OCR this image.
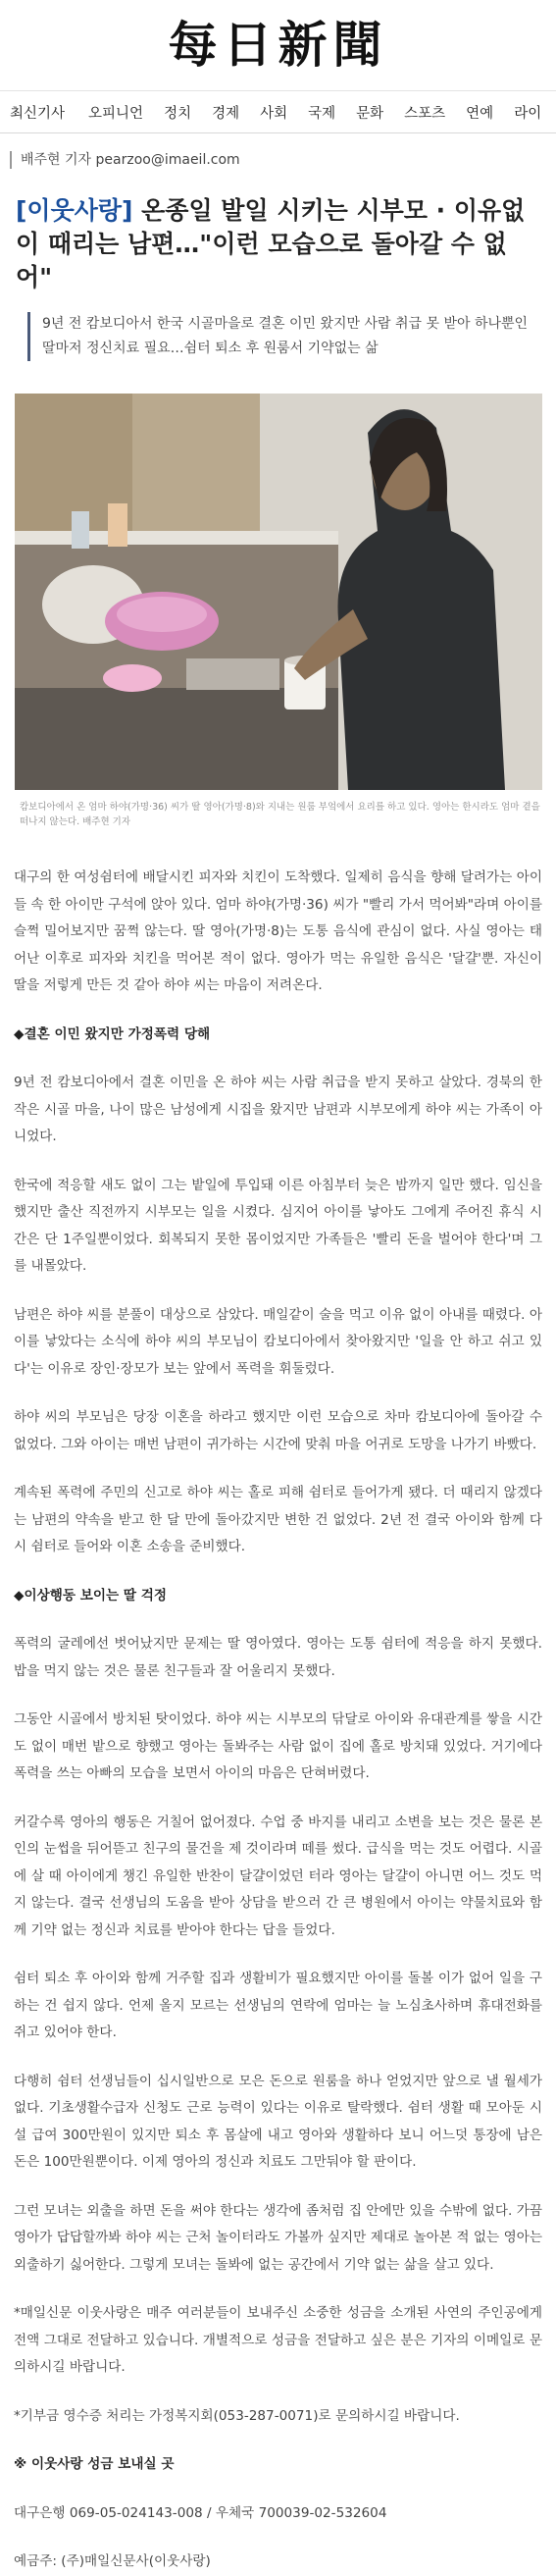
每日新聞
최신기사 오피니언 정치 경제 사회 국제 문화 스포츠 연예 라이
배주현 기자 pearzoo@imaeil.com
[이웃사랑] 온종일 발일 시키는 시부모 · 이유없이 때리는 남편…"이런 모습으로 돌아갈 수 없어"
9년 전 캄보디아서 한국 시골마을로 결혼 이민 왔지만 사람 취급 못 받아 하나뿐인 딸마저 정신치료 필요…쉼터 퇴소 후 원룸서 기약없는 삶
캄보디아에서 온 엄마 하야(가명·36) 씨가 딸 영아(가명·8)와 지내는 원룸 부엌에서 요리를 하고 있다. 영아는 한시라도 엄마 곁을 떠나지 않는다. 배주현 기자

대구의 한 여성쉼터에 배달시킨 피자와 치킨이 도착했다. 일제히 음식을 향해 달려가는 아이들 속 한 아이만 구석에 앉아 있다. 엄마 하야(가명·36) 씨가 "빨리 가서 먹어봐"라며 아이를 슬쩍 밀어보지만 꿈쩍 않는다. 딸 영아(가명·8)는 도통 음식에 관심이 없다. 사실 영아는 태어난 이후로 피자와 치킨을 먹어본 적이 없다. 영아가 먹는 유일한 음식은 '달걀'뿐. 자신이 딸을 저렇게 만든 것 같아 하야 씨는 마음이 저려온다.

◆결혼 이민 왔지만 가정폭력 당해

9년 전 캄보디아에서 결혼 이민을 온 하야 씨는 사람 취급을 받지 못하고 살았다. 경북의 한 작은 시골 마을, 나이 많은 남성에게 시집을 왔지만 남편과 시부모에게 하야 씨는 가족이 아니었다.

한국에 적응할 새도 없이 그는 밭일에 투입돼 이른 아침부터 늦은 밤까지 일만 했다. 임신을 했지만 출산 직전까지 시부모는 일을 시켰다. 심지어 아이를 낳아도 그에게 주어진 휴식 시간은 단 1주일뿐이었다. 회복되지 못한 몸이었지만 가족들은 '빨리 돈을 벌어야 한다'며 그를 내몰았다.

남편은 하야 씨를 분풀이 대상으로 삼았다. 매일같이 술을 먹고 이유 없이 아내를 때렸다. 아이를 낳았다는 소식에 하야 씨의 부모님이 캄보디아에서 찾아왔지만 '일을 안 하고 쉬고 있다'는 이유로 장인·장모가 보는 앞에서 폭력을 휘둘렀다.

하야 씨의 부모님은 당장 이혼을 하라고 했지만 이런 모습으로 차마 캄보디아에 돌아갈 수 없었다. 그와 아이는 매번 남편이 귀가하는 시간에 맞춰 마을 어귀로 도망을 나가기 바빴다.

계속된 폭력에 주민의 신고로 하야 씨는 홀로 피해 쉼터로 들어가게 됐다. 더 때리지 않겠다는 남편의 약속을 받고 한 달 만에 돌아갔지만 변한 건 없었다. 2년 전 결국 아이와 함께 다시 쉼터로 들어와 이혼 소송을 준비했다.

◆이상행동 보이는 딸 걱정

폭력의 굴레에선 벗어났지만 문제는 딸 영아였다. 영아는 도통 쉼터에 적응을 하지 못했다. 밥을 먹지 않는 것은 물론 친구들과 잘 어울리지 못했다.

그동안 시골에서 방치된 탓이었다. 하야 씨는 시부모의 닦달로 아이와 유대관계를 쌓을 시간도 없이 매번 밭으로 향했고 영아는 돌봐주는 사람 없이 집에 홀로 방치돼 있었다. 거기에다 폭력을 쓰는 아빠의 모습을 보면서 아이의 마음은 단혀버렸다.

커갈수록 영아의 행동은 거칠어 없어졌다. 수업 중 바지를 내리고 소변을 보는 것은 물론 본인의 눈썹을 뒤어뜯고 친구의 물건을 제 것이라며 떼를 썼다. 급식을 먹는 것도 어렵다. 시골에 살 때 아이에게 챙긴 유일한 반찬이 달걀이었던 터라 영아는 달걀이 아니면 어느 것도 먹지 않는다. 결국 선생님의 도움을 받아 상담을 받으러 간 큰 병원에서 아이는 약물치료와 함께 기약 없는 정신과 치료를 받아야 한다는 답을 들었다.

쉼터 퇴소 후 아이와 함께 거주할 집과 생활비가 필요했지만 아이를 돌볼 이가 없어 일을 구하는 건 쉽지 않다. 언제 올지 모르는 선생님의 연락에 엄마는 늘 노심초사하며 휴대전화를 쥐고 있어야 한다.

다행히 쉼터 선생님들이 십시일반으로 모은 돈으로 원룸을 하나 얻었지만 앞으로 낼 월세가 없다. 기초생활수급자 신청도 근로 능력이 있다는 이유로 탈락했다. 쉼터 생활 때 모아둔 시설 급여 300만원이 있지만 퇴소 후 몸살에 내고 영아와 생활하다 보니 어느덧 통장에 남은 돈은 100만원뿐이다. 이제 영아의 정신과 치료도 그만둬야 할 판이다.

그런 모녀는 외출을 하면 돈을 써야 한다는 생각에 좀처럼 집 안에만 있을 수밖에 없다. 가끔 영아가 답답할까봐 하야 씨는 근처 놀이터라도 가볼까 싶지만 제대로 놀아본 적 없는 영아는 외출하기 싫어한다. 그렇게 모녀는 돌봐에 없는 공간에서 기약 없는 삶을 살고 있다.

*매일신문 이웃사랑은 매주 여러분들이 보내주신 소중한 성금을 소개된 사연의 주인공에게 전액 그대로 전달하고 있습니다. 개별적으로 성금을 전달하고 싶은 분은 기자의 이메일로 문의하시길 바랍니다.

*기부금 영수증 처리는 가정복지회(053-287-0071)로 문의하시길 바랍니다.

※ 이웃사랑 성금 보내실 곳

대구은행 069-05-024143-008 / 우체국 700039-02-532604

예금주: (주)매일신문사(이웃사랑)
